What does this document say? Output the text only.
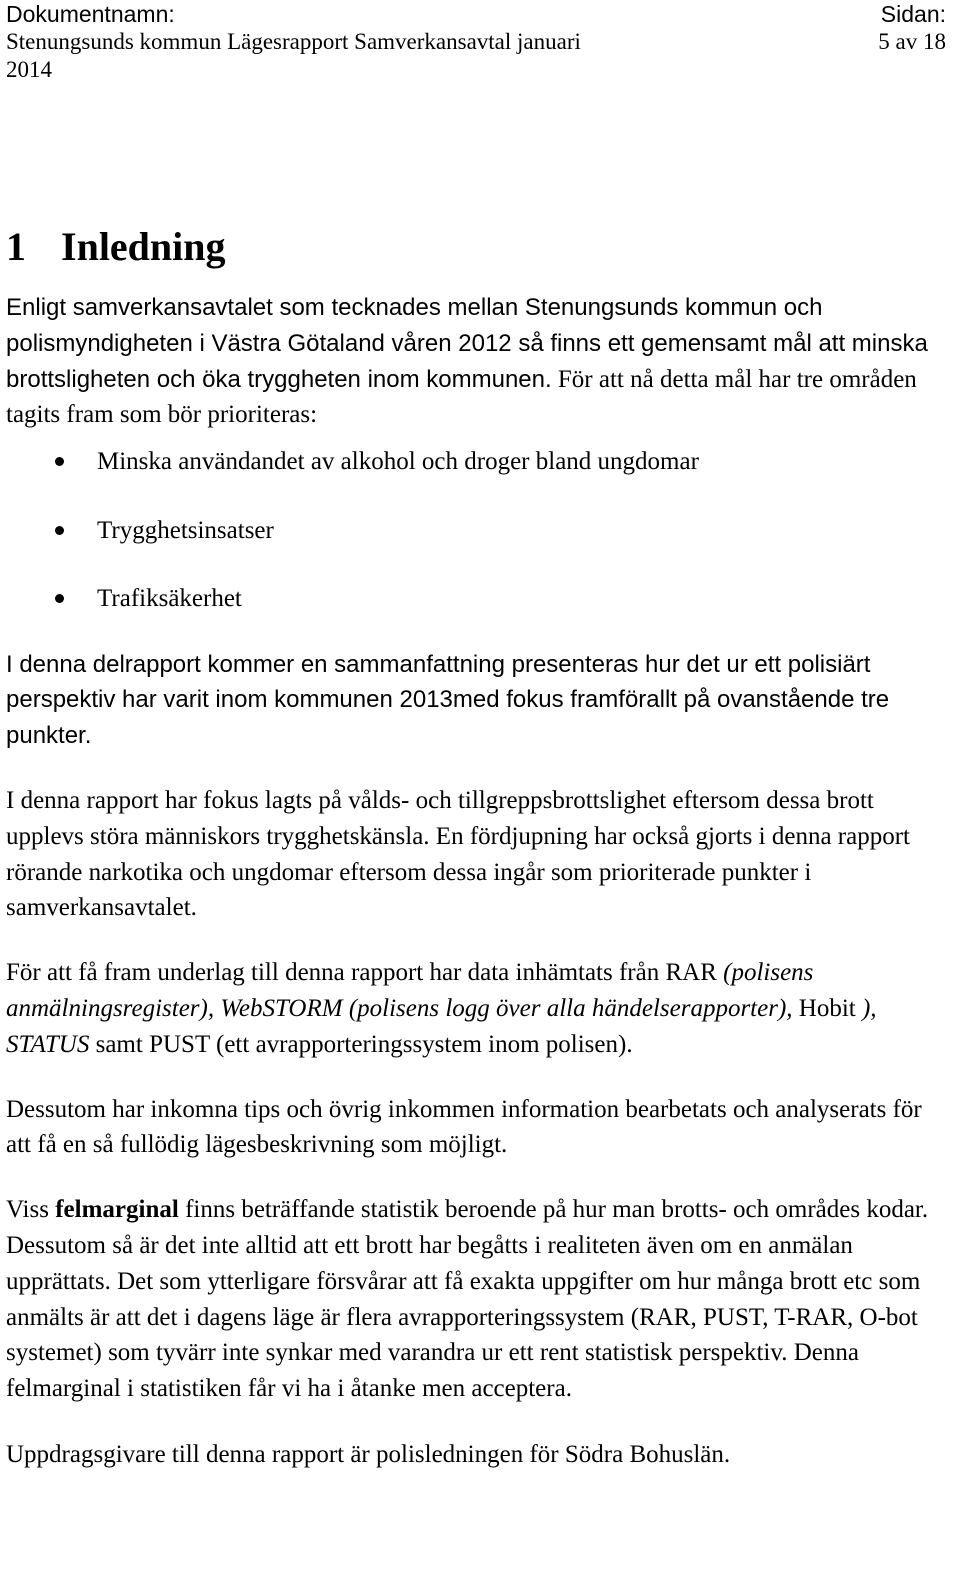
Dokumentnamn:
Stenungsunds kommun Lägesrapport Samverkansavtal januari
2014
Sidan:
5 av 18
1 Inledning

Enligt samverkansavtalet som tecknades mellan Stenungsunds kommun och polismyndigheten i Västra Götaland våren 2012 så finns ett gemensamt mål att minska brottsligheten och öka tryggheten inom kommunen. För att nå detta mål har tre områden tagits fram som bör prioriteras:

Minska användandet av alkohol och droger bland ungdomar
Trygghetsinsatser
Trafiksäkerhet

I denna delrapport kommer en sammanfattning presenteras hur det ur ett polisiärt perspektiv har varit inom kommunen 2013med fokus framförallt på ovanstående tre punkter.

I denna rapport har fokus lagts på vålds- och tillgreppsbrottslighet eftersom dessa brott upplevs störa människors trygghetskänsla. En fördjupning har också gjorts i denna rapport rörande narkotika och ungdomar eftersom dessa ingår som prioriterade punkter i samverkansavtalet.

För att få fram underlag till denna rapport har data inhämtats från RAR (polisens anmälningsregister), WebSTORM (polisens logg över alla händelserapporter), Hobit ), STATUS samt PUST (ett avrapporteringssystem inom polisen).

Dessutom har inkomna tips och övrig inkommen information bearbetats och analyserats för att få en så fullödig lägesbeskrivning som möjligt.

Viss felmarginal finns beträffande statistik beroende på hur man brotts- och områdes kodar. Dessutom så är det inte alltid att ett brott har begåtts i realiteten även om en anmälan upprättats. Det som ytterligare försvårar att få exakta uppgifter om hur många brott etc som anmälts är att det i dagens läge är flera avrapporteringssystem (RAR, PUST, T-RAR, O-bot systemet) som tyvärr inte synkar med varandra ur ett rent statistisk perspektiv. Denna felmarginal i statistiken får vi ha i åtanke men acceptera.

Uppdragsgivare till denna rapport är polisledningen för Södra Bohuslän.
